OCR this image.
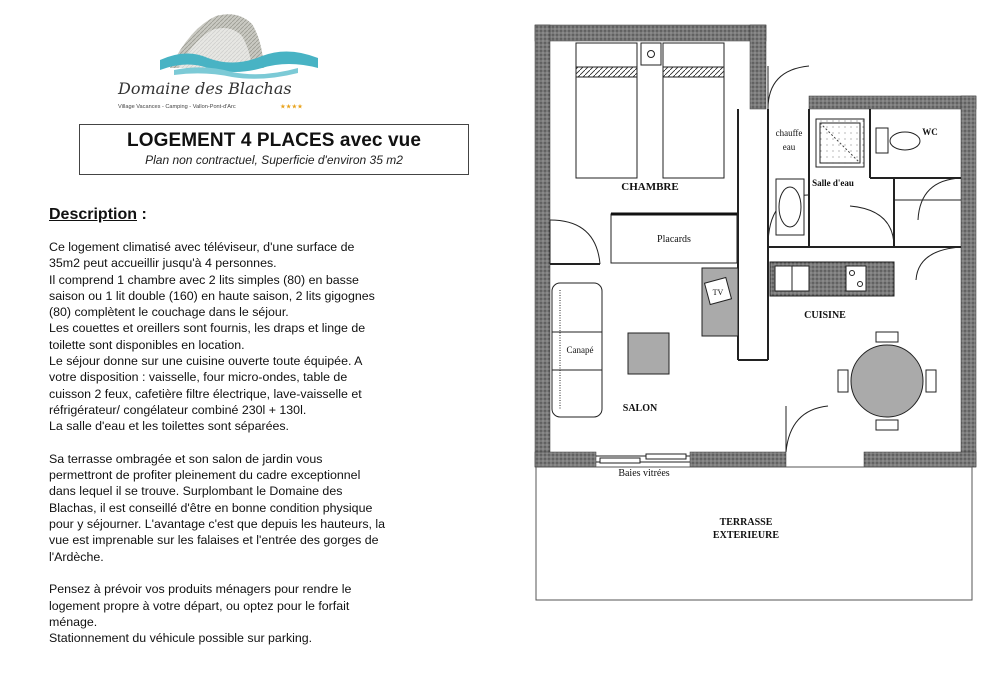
Domaine des Blachas
Village Vacances - Camping - Vallon-Pont-d'Arc	★★★★
LOGEMENT 4 PLACES avec vue
Plan non contractuel, Superficie d'environ 35 m2
Description :
Ce logement climatisé avec téléviseur, d'une surface de
35m2 peut accueillir jusqu'à 4 personnes.
Il comprend 1 chambre avec 2 lits simples (80) en basse
saison ou 1 lit double (160) en haute saison, 2 lits gigognes
(80) complètent le couchage dans le séjour.
Les couettes et oreillers sont fournis, les draps et linge de
toilette sont disponibles en location.
Le séjour donne sur une cuisine ouverte toute équipée. A
votre disposition : vaisselle, four micro-ondes, table de
cuisson 2 feux, cafetière filtre électrique, lave-vaisselle et
réfrigérateur/ congélateur combiné 230l + 130l.
La salle d'eau et les toilettes sont séparées.
Sa terrasse ombragée et son salon de jardin vous
permettront de profiter pleinement du cadre exceptionnel
dans lequel il se trouve. Surplombant le Domaine des
Blachas, il est conseillé d'être en bonne condition physique
pour y séjourner. L'avantage c'est que depuis les hauteurs, la
vue est imprenable sur les falaises et l'entrée des gorges de
l'Ardèche.
Pensez à prévoir vos produits ménagers pour rendre le
logement propre à votre départ, ou optez pour le forfait
ménage.
Stationnement du véhicule possible sur parking.
CHAMBRE
Placards
TV
Canapé
SALON
chauffe
eau
Salle d'eau
WC
CUISINE
Baies vitrées
TERRASSE
EXTERIEURE
